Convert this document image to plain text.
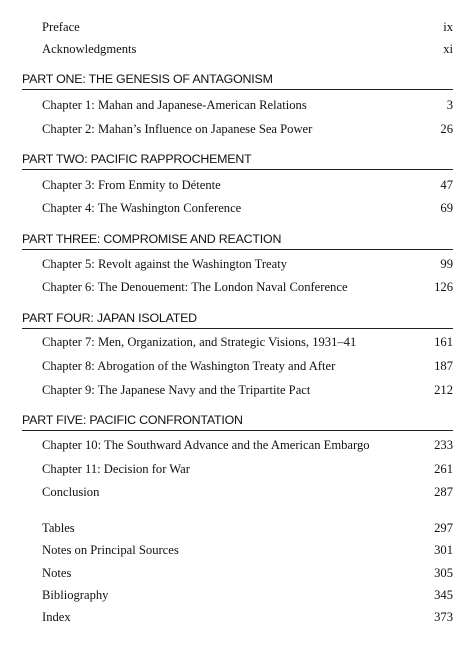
Preface	ix
Acknowledgments	xi
PART ONE: THE GENESIS OF ANTAGONISM
Chapter 1: Mahan and Japanese-American Relations	3
Chapter 2: Mahan’s Influence on Japanese Sea Power	26
PART TWO: PACIFIC RAPPROCHEMENT
Chapter 3: From Enmity to Détente	47
Chapter 4: The Washington Conference	69
PART THREE: COMPROMISE AND REACTION
Chapter 5: Revolt against the Washington Treaty	99
Chapter 6: The Denouement: The London Naval Conference	126
PART FOUR: JAPAN ISOLATED
Chapter 7: Men, Organization, and Strategic Visions, 1931–41	161
Chapter 8: Abrogation of the Washington Treaty and After	187
Chapter 9: The Japanese Navy and the Tripartite Pact	212
PART FIVE: PACIFIC CONFRONTATION
Chapter 10: The Southward Advance and the American Embargo	233
Chapter 11: Decision for War	261
Conclusion	287
Tables	297
Notes on Principal Sources	301
Notes	305
Bibliography	345
Index	373
